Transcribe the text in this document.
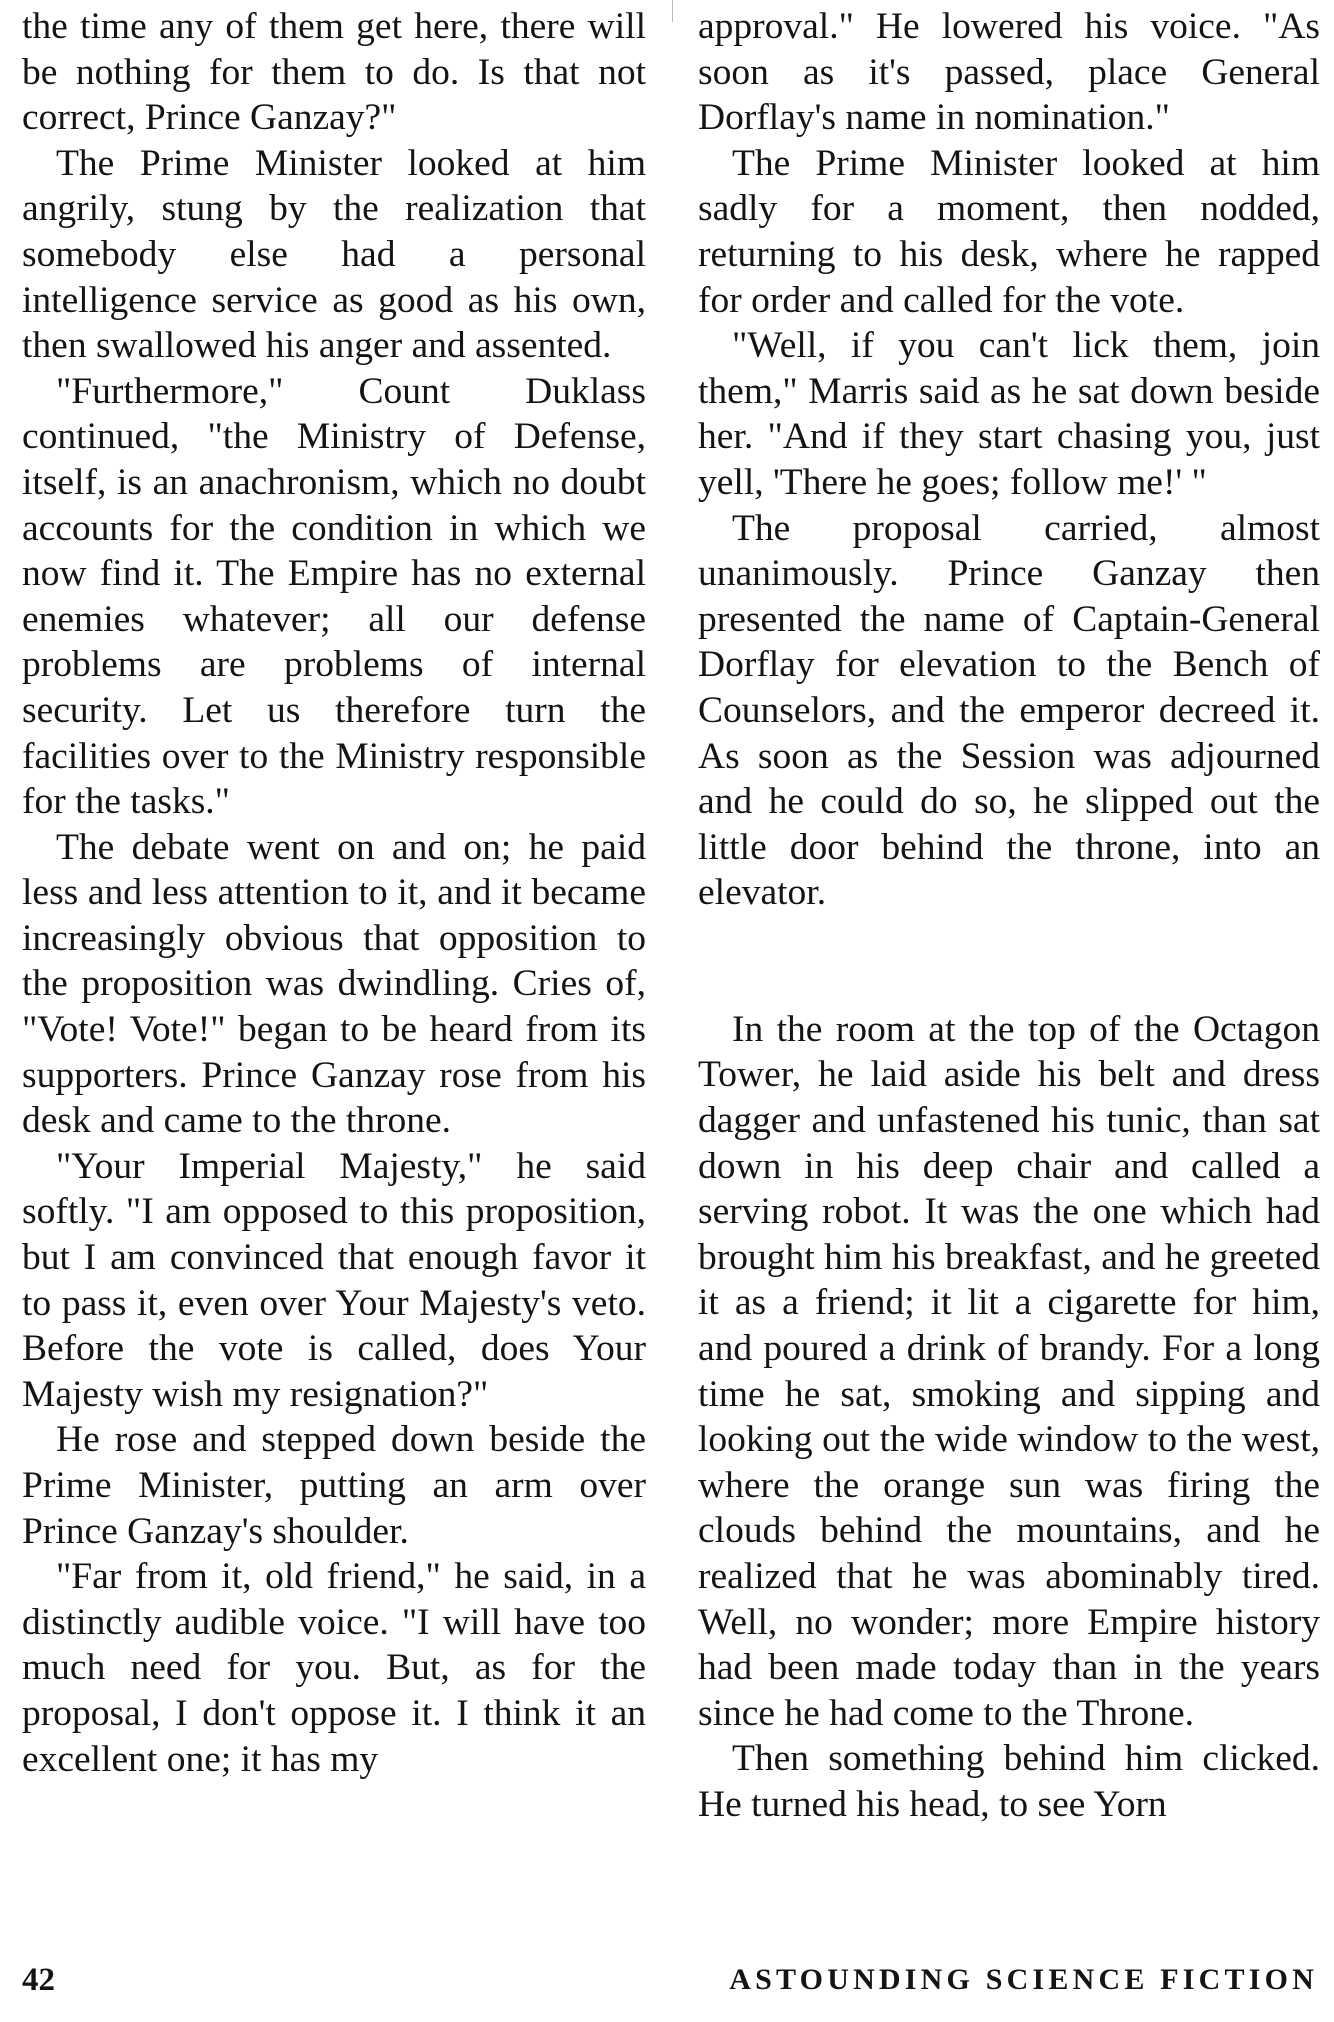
the time any of them get here, there will be nothing for them to do. Is that not correct, Prince Ganzay?"

The Prime Minister looked at him angrily, stung by the realization that somebody else had a personal intelligence service as good as his own, then swallowed his anger and assented.

"Furthermore," Count Duklass continued, "the Ministry of Defense, itself, is an anachronism, which no doubt accounts for the condition in which we now find it. The Empire has no external enemies whatever; all our defense problems are problems of internal security. Let us therefore turn the facilities over to the Ministry responsible for the tasks."

The debate went on and on; he paid less and less attention to it, and it became increasingly obvious that opposition to the proposition was dwindling. Cries of, "Vote! Vote!" began to be heard from its supporters. Prince Ganzay rose from his desk and came to the throne.

"Your Imperial Majesty," he said softly. "I am opposed to this proposition, but I am convinced that enough favor it to pass it, even over Your Majesty's veto. Before the vote is called, does Your Majesty wish my resignation?"

He rose and stepped down beside the Prime Minister, putting an arm over Prince Ganzay's shoulder.

"Far from it, old friend," he said, in a distinctly audible voice. "I will have too much need for you. But, as for the proposal, I don't oppose it. I think it an excellent one; it has my

approval." He lowered his voice. "As soon as it's passed, place General Dorflay's name in nomination."

The Prime Minister looked at him sadly for a moment, then nodded, returning to his desk, where he rapped for order and called for the vote.

"Well, if you can't lick them, join them," Marris said as he sat down beside her. "And if they start chasing you, just yell, 'There he goes; follow me!' "

The proposal carried, almost unanimously. Prince Ganzay then presented the name of Captain-General Dorflay for elevation to the Bench of Counselors, and the emperor decreed it. As soon as the Session was adjourned and he could do so, he slipped out the little door behind the throne, into an elevator.

In the room at the top of the Octagon Tower, he laid aside his belt and dress dagger and unfastened his tunic, than sat down in his deep chair and called a serving robot. It was the one which had brought him his breakfast, and he greeted it as a friend; it lit a cigarette for him, and poured a drink of brandy. For a long time he sat, smoking and sipping and looking out the wide window to the west, where the orange sun was firing the clouds behind the mountains, and he realized that he was abominably tired. Well, no wonder; more Empire history had been made today than in the years since he had come to the Throne.

Then something behind him clicked. He turned his head, to see Yorn

42	ASTOUNDING SCIENCE FICTION
